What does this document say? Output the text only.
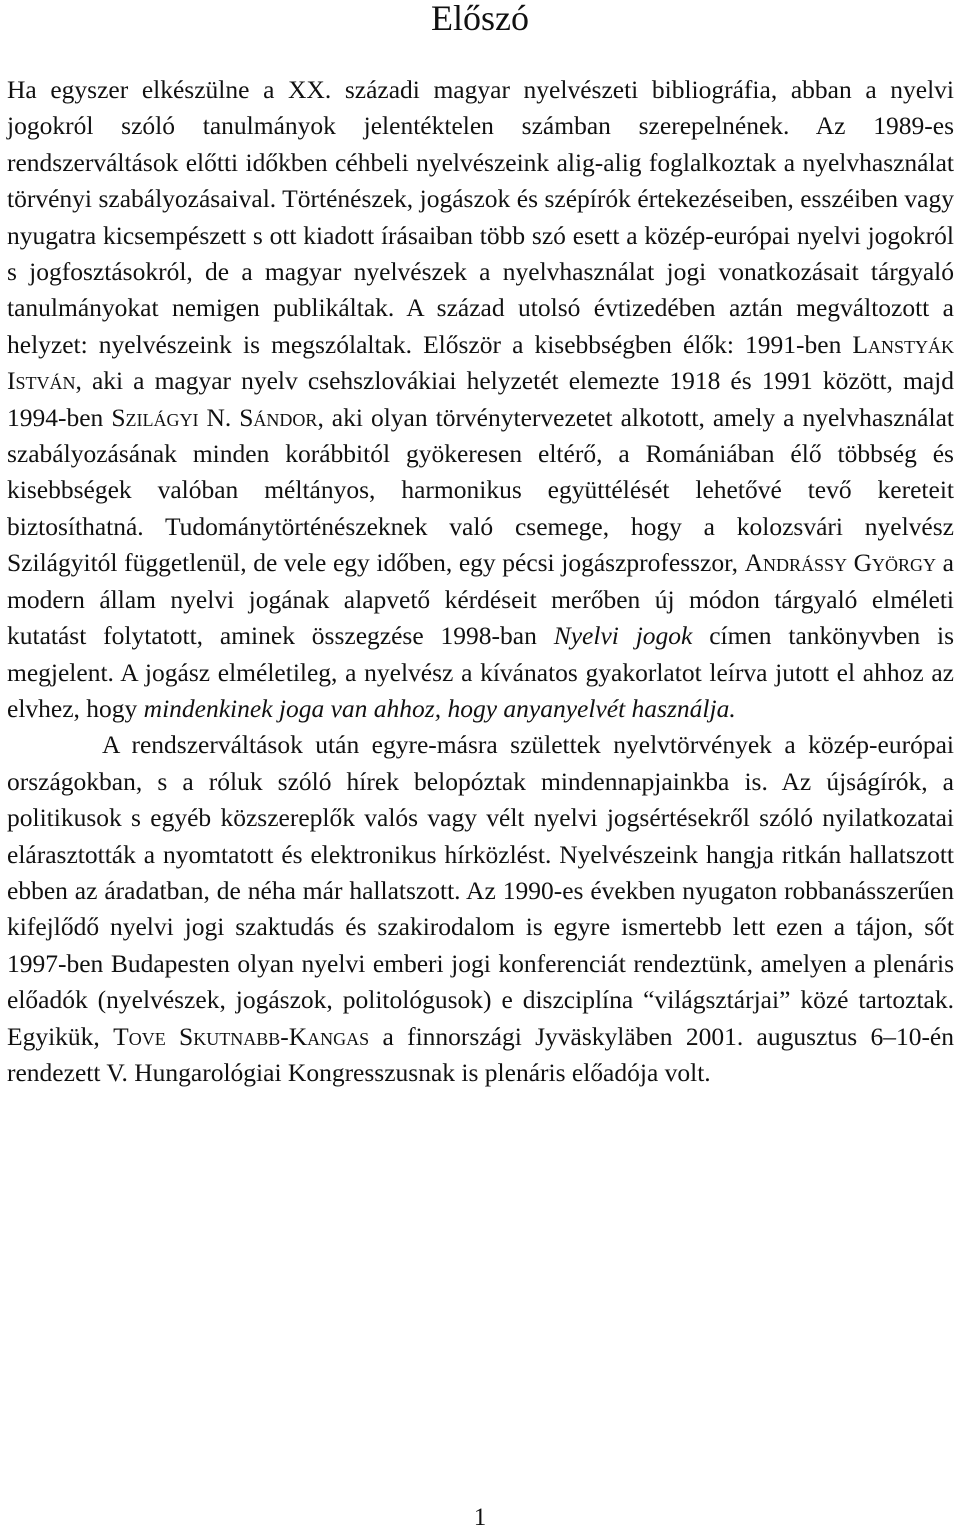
Előszó

Ha egyszer elkészülne a XX. századi magyar nyelvészeti bibliográfia, abban a nyelvi jogokról szóló tanulmányok jelentéktelen számban szerepelnének. Az 1989-es rendszerváltások előtti időkben céhbeli nyelvészeink alig-alig foglalkoztak a nyelvhasználat törvényi szabályozásaival. Történészek, jogászok és szépírók értekezéseiben, esszéiben vagy nyugatra kicsempészett s ott kiadott írásaiban több szó esett a közép-európai nyelvi jogokról s jogfosztásokról, de a magyar nyelvészek a nyelvhasználat jogi vonatkozásait tárgyaló tanulmányokat nemigen publikáltak. A század utolsó évtizedében aztán megváltozott a helyzet: nyelvészeink is megszólaltak. Először a kisebbségben élők: 1991-ben Lanstyák István, aki a magyar nyelv csehszlovákiai helyzetét elemezte 1918 és 1991 között, majd 1994-ben Szilágyi N. Sándor, aki olyan törvénytervezetet alkotott, amely a nyelvhasználat szabályozásának minden korábbitól gyökeresen eltérő, a Romániában élő többség és kisebbségek valóban méltányos, harmonikus együttélését lehetővé tevő kereteit biztosíthatná. Tudománytörténészeknek való csemege, hogy a kolozsvári nyelvész Szilágyitól függetlenül, de vele egy időben, egy pécsi jogászprofesszor, Andrássy György a modern állam nyelvi jogának alapvető kérdéseit merőben új módon tárgyaló elméleti kutatást folytatott, aminek összegzése 1998-ban Nyelvi jogok címen tankönyvben is megjelent. A jogász elméletileg, a nyelvész a kívánatos gyakorlatot leírva jutott el ahhoz az elvhez, hogy mindenkinek joga van ahhoz, hogy anyanyelvét használja.

A rendszerváltások után egyre-másra születtek nyelvtörvények a közép-európai országokban, s a róluk szóló hírek belopóztak mindennapjainkba is. Az újságírók, a politikusok s egyéb közszereplők valós vagy vélt nyelvi jogsértésekről szóló nyilatkozatai elárasztották a nyomtatott és elektronikus hírközlést. Nyelvészeink hangja ritkán hallatszott ebben az áradatban, de néha már hallatszott. Az 1990-es években nyugaton robbanásszerűen kifejlődő nyelvi jogi szaktudás és szakirodalom is egyre ismertebb lett ezen a tájon, sőt 1997-ben Budapesten olyan nyelvi emberi jogi konferenciát rendeztünk, amelyen a plenáris előadók (nyelvészek, jogászok, politológusok) e diszciplína “világsztárjai” közé tartoztak. Egyikük, Tove Skutnabb-Kangas a finnországi Jyväskyläben 2001. augusztus 6–10-én rendezett V. Hungarológiai Kongresszusnak is plenáris előadója volt.

1
